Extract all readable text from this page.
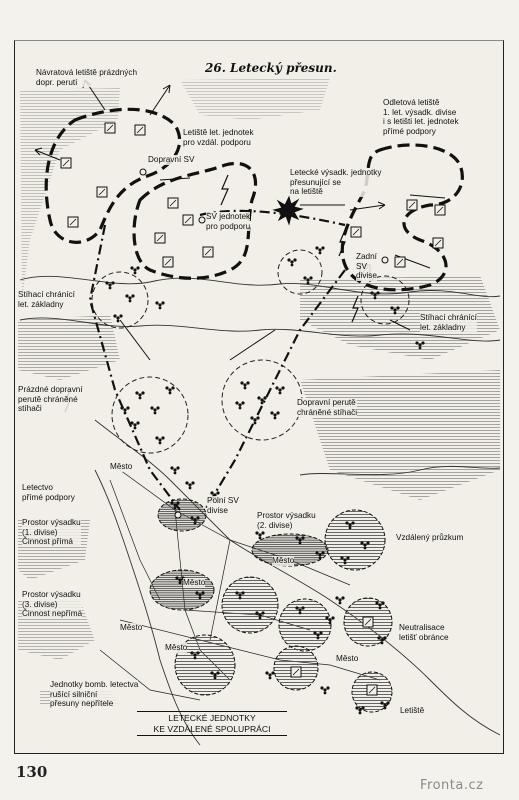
26. Letecký přesun.
Návratová letiště prázdných
dopr. perutí
Dopravní SV
Letiště let. jednotek
pro vzdál. podporu
SV jednotek
pro podporu
Odletová letiště
1. let. výsadk. divise
i s letišti let. jednotek
přímé podpory
Letecké výsadk. jednotky
přesunující se
na letiště
Zadní
SV
divise
Stíhací chránící
let. základny
Stíhací chránící
let. základny
Prázdné dopravní
perutě chráněné
stíhači
Dopravní perutě
chráněné stíhači
Město
Letectvo
přímé podpory	Polní SV
divise
Prostor výsadku
(1. divise)
Činnost přímá
Prostor výsadku
(2. divise)
Město
Město
Vzdálený průzkum
Prostor výsadku
(3. divise)
Činnost nepřímá
Město	Neutralisace
letišť obránce
Město
Město
Jednotky bomb. letectva
rušící silniční
přesuny nepřítele
Letiště
LETECKÉ JEDNOTKY
KE VZDÁLENÉ SPOLUPRÁCI
130
Fronta.cz
